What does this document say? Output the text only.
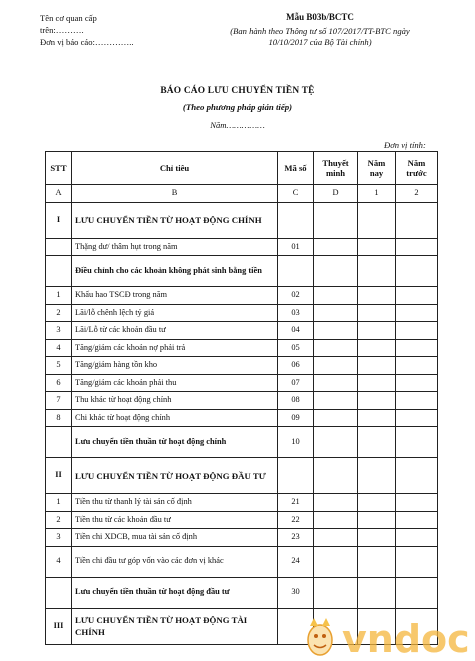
Tên cơ quan cấp
trên:……….
Đơn vị báo cáo:…………..
Mẫu B03b/BCTC
(Ban hành theo Thông tư số 107/2017/TT-BTC ngày
10/10/2017 của Bộ Tài chính)
BÁO CÁO LƯU CHUYỂN TIỀN TỆ
(Theo phương pháp gián tiếp)
Năm……………
Đơn vị tính:
STT	Chỉ tiêu	Mã số	Thuyết minh	Năm nay	Năm trước
A	B	C	D	1	2
I	LƯU CHUYỂN TIỀN TỪ HOẠT ĐỘNG CHÍNH				
	Thặng dư/ thâm hụt trong năm	01			
	Điều chỉnh cho các khoản không phát sinh bằng tiền				
1	Khấu hao TSCĐ trong năm	02			
2	Lãi/lỗ chênh lệch tỷ giá	03			
3	Lãi/Lỗ từ các khoản đầu tư	04			
4	Tăng/giảm các khoản nợ phải trả	05			
5	Tăng/giảm hàng tồn kho	06			
6	Tăng/giảm các khoản phải thu	07			
7	Thu khác từ hoạt động chính	08			
8	Chi khác từ hoạt động chính	09			
	Lưu chuyển tiền thuần từ hoạt động chính	10			
II	LƯU CHUYỂN TIỀN TỪ HOẠT ĐỘNG ĐẦU TƯ				
1	Tiền thu từ thanh lý tài sản cố định	21			
2	Tiền thu từ các khoản đầu tư	22			
3	Tiền chi XDCB, mua tài sản cố định	23			
4	Tiền chi đầu tư góp vốn vào các đơn vị khác	24			
	Lưu chuyển tiền thuần từ hoạt động đầu tư	30			
III	LƯU CHUYỂN TIỀN TỪ HOẠT ĐỘNG TÀI CHÍNH					vndoc
